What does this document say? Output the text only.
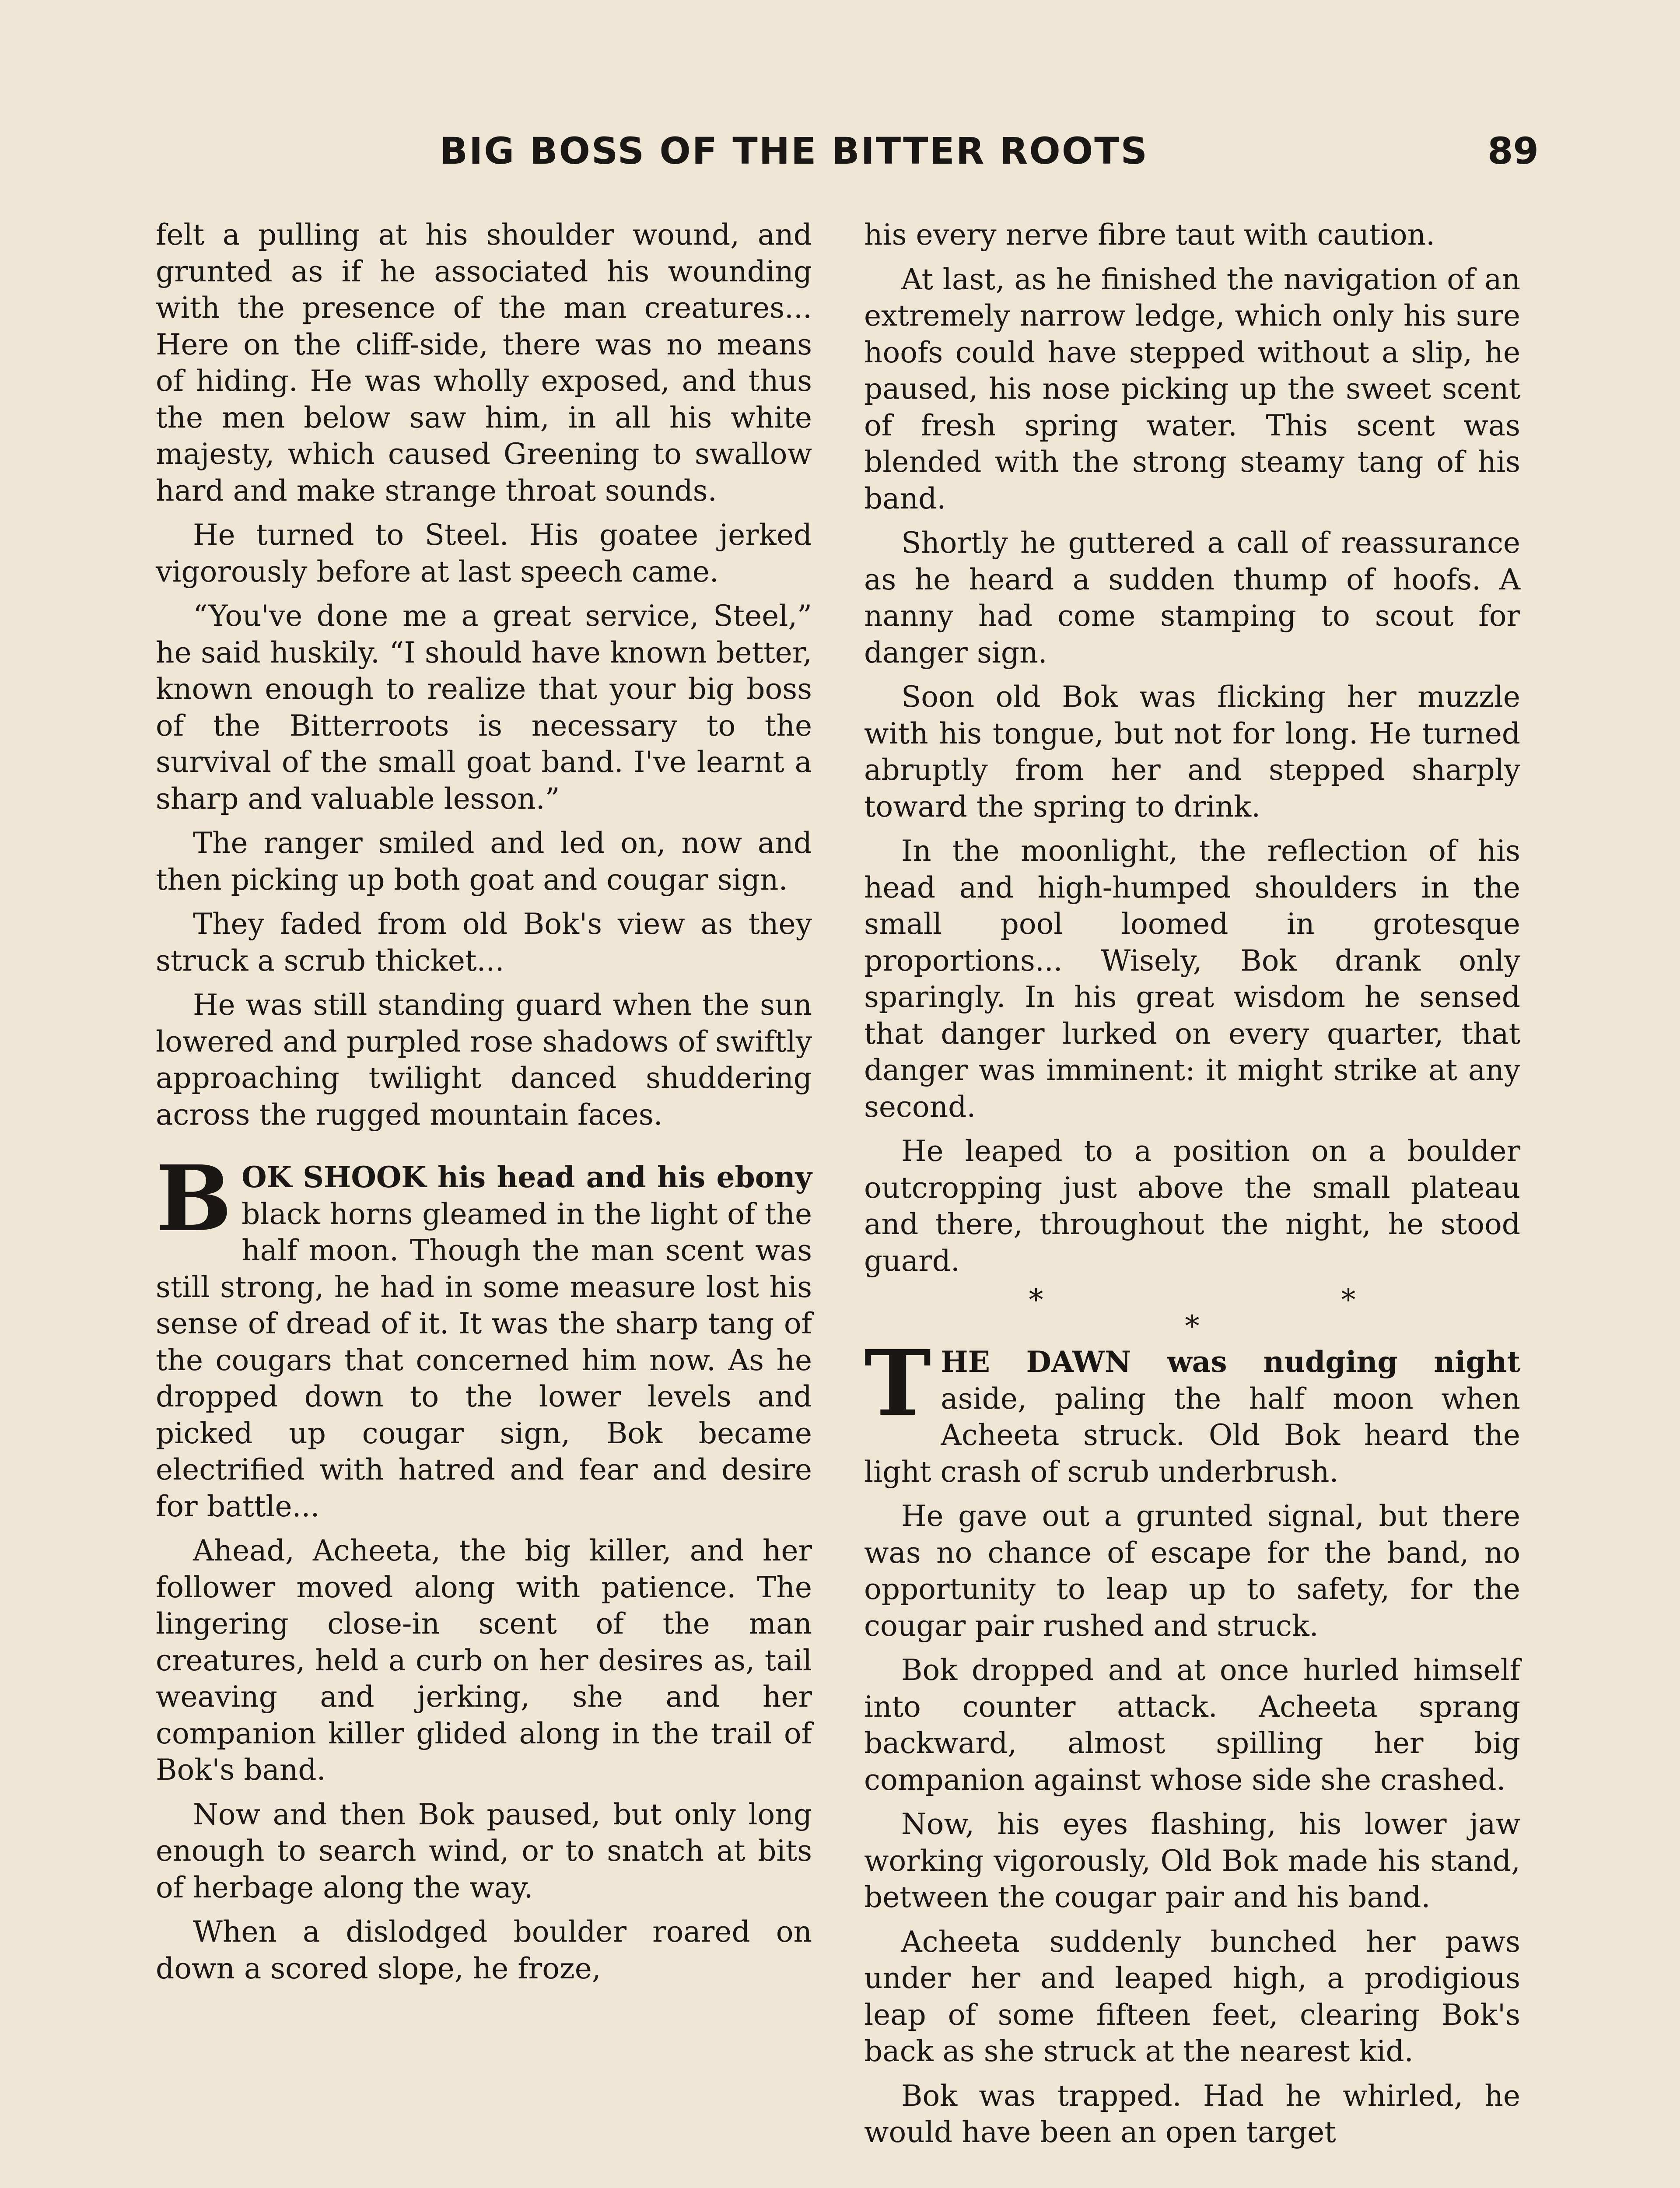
BIG BOSS OF THE BITTER ROOTS	89

felt a pulling at his shoulder wound, and grunted as if he associated his wounding with the presence of the man creatures... Here on the cliff-side, there was no means of hiding. He was wholly exposed, and thus the men below saw him, in all his white majesty, which caused Greening to swallow hard and make strange throat sounds.

He turned to Steel. His goatee jerked vigorously before at last speech came.

“You've done me a great service, Steel,” he said huskily. “I should have known better, known enough to realize that your big boss of the Bitterroots is necessary to the survival of the small goat band. I've learnt a sharp and valuable lesson.”

The ranger smiled and led on, now and then picking up both goat and cougar sign.

They faded from old Bok's view as they struck a scrub thicket...

He was still standing guard when the sun lowered and purpled rose shadows of swiftly approaching twilight danced shuddering across the rugged mountain faces.

BOK SHOOK his head and his ebony black horns gleamed in the light of the half moon. Though the man scent was still strong, he had in some measure lost his sense of dread of it. It was the sharp tang of the cougars that concerned him now. As he dropped down to the lower levels and picked up cougar sign, Bok became electrified with hatred and fear and desire for battle...

Ahead, Acheeta, the big killer, and her follower moved along with patience. The lingering close-in scent of the man creatures, held a curb on her desires as, tail weaving and jerking, she and her companion killer glided along in the trail of Bok's band.

Now and then Bok paused, but only long enough to search wind, or to snatch at bits of herbage along the way.

When a dislodged boulder roared on down a scored slope, he froze,

his every nerve fibre taut with caution.

At last, as he finished the navigation of an extremely narrow ledge, which only his sure hoofs could have stepped without a slip, he paused, his nose picking up the sweet scent of fresh spring water. This scent was blended with the strong steamy tang of his band.

Shortly he guttered a call of reassurance as he heard a sudden thump of hoofs. A nanny had come stamping to scout for danger sign.

Soon old Bok was flicking her muzzle with his tongue, but not for long. He turned abruptly from her and stepped sharply toward the spring to drink.

In the moonlight, the reflection of his head and high-humped shoulders in the small pool loomed in grotesque proportions... Wisely, Bok drank only sparingly. In his great wisdom he sensed that danger lurked on every quarter, that danger was imminent: it might strike at any second.

He leaped to a position on a boulder outcropping just above the small plateau and there, throughout the night, he stood guard.

* * *

THE DAWN was nudging night aside, paling the half moon when Acheeta struck. Old Bok heard the light crash of scrub underbrush.

He gave out a grunted signal, but there was no chance of escape for the band, no opportunity to leap up to safety, for the cougar pair rushed and struck.

Bok dropped and at once hurled himself into counter attack. Acheeta sprang backward, almost spilling her big companion against whose side she crashed.

Now, his eyes flashing, his lower jaw working vigorously, Old Bok made his stand, between the cougar pair and his band.

Acheeta suddenly bunched her paws under her and leaped high, a prodigious leap of some fifteen feet, clearing Bok's back as she struck at the nearest kid.

Bok was trapped. Had he whirled, he would have been an open target
